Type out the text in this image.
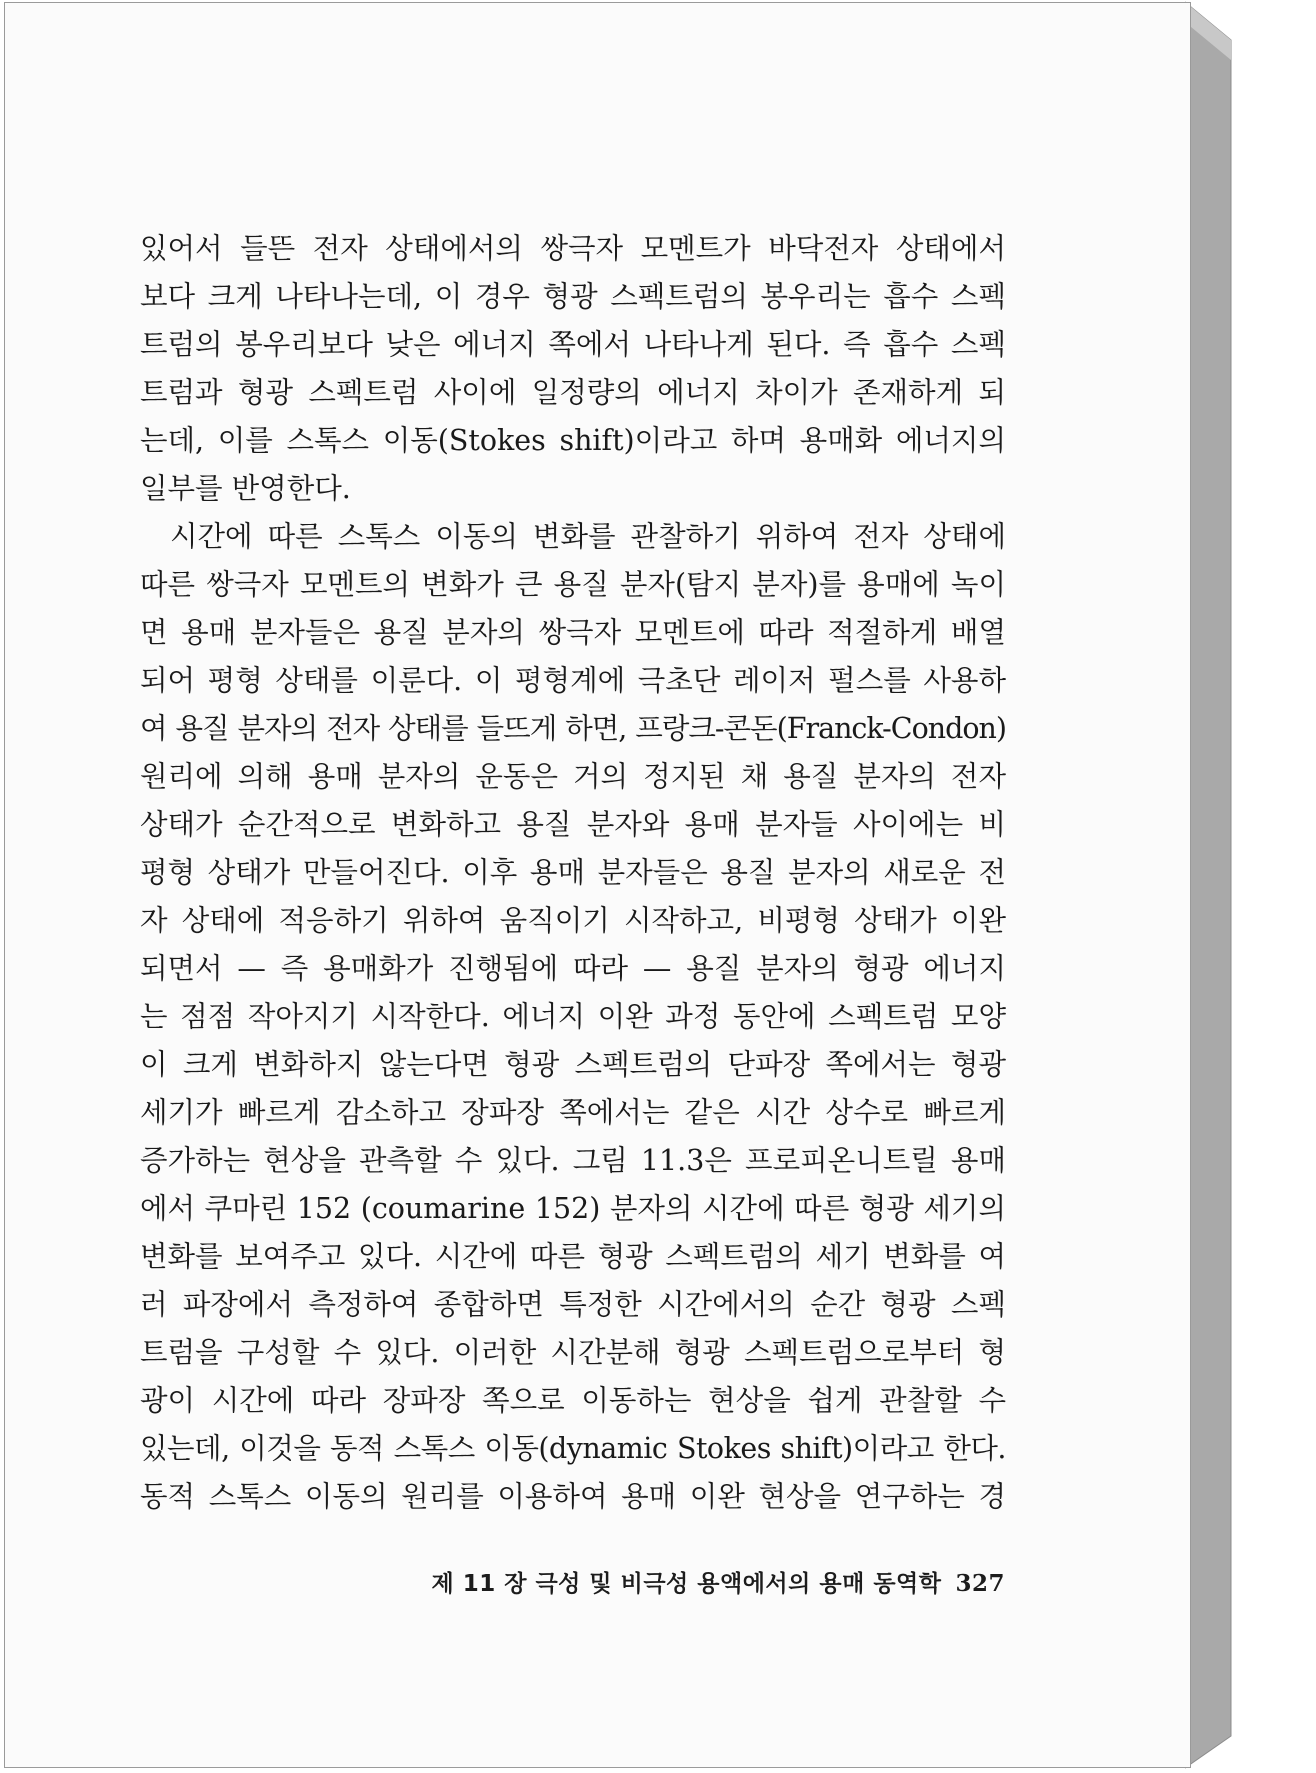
있어서 들뜬 전자 상태에서의 쌍극자 모멘트가 바닥전자 상태에서
보다 크게 나타나는데, 이 경우 형광 스펙트럼의 봉우리는 흡수 스펙
트럼의 봉우리보다 낮은 에너지 쪽에서 나타나게 된다. 즉 흡수 스펙
트럼과 형광 스펙트럼 사이에 일정량의 에너지 차이가 존재하게 되
는데, 이를 스톡스 이동(Stokes shift)이라고 하며 용매화 에너지의
일부를 반영한다.

시간에 따른 스톡스 이동의 변화를 관찰하기 위하여 전자 상태에
따른 쌍극자 모멘트의 변화가 큰 용질 분자(탐지 분자)를 용매에 녹이
면 용매 분자들은 용질 분자의 쌍극자 모멘트에 따라 적절하게 배열
되어 평형 상태를 이룬다. 이 평형계에 극초단 레이저 펄스를 사용하
여 용질 분자의 전자 상태를 들뜨게 하면, 프랑크-콘돈(Franck-Condon)
원리에 의해 용매 분자의 운동은 거의 정지된 채 용질 분자의 전자
상태가 순간적으로 변화하고 용질 분자와 용매 분자들 사이에는 비
평형 상태가 만들어진다. 이후 용매 분자들은 용질 분자의 새로운 전
자 상태에 적응하기 위하여 움직이기 시작하고, 비평형 상태가 이완
되면서 — 즉 용매화가 진행됨에 따라 — 용질 분자의 형광 에너지
는 점점 작아지기 시작한다. 에너지 이완 과정 동안에 스펙트럼 모양
이 크게 변화하지 않는다면 형광 스펙트럼의 단파장 쪽에서는 형광
세기가 빠르게 감소하고 장파장 쪽에서는 같은 시간 상수로 빠르게
증가하는 현상을 관측할 수 있다. 그림 11.3은 프로피온니트릴 용매
에서 쿠마린 152 (coumarine 152) 분자의 시간에 따른 형광 세기의
변화를 보여주고 있다. 시간에 따른 형광 스펙트럼의 세기 변화를 여
러 파장에서 측정하여 종합하면 특정한 시간에서의 순간 형광 스펙
트럼을 구성할 수 있다. 이러한 시간분해 형광 스펙트럼으로부터 형
광이 시간에 따라 장파장 쪽으로 이동하는 현상을 쉽게 관찰할 수
있는데, 이것을 동적 스톡스 이동(dynamic Stokes shift)이라고 한다.
동적 스톡스 이동의 원리를 이용하여 용매 이완 현상을 연구하는 경

제 11 장 극성 및 비극성 용액에서의 용매 동역학 327
